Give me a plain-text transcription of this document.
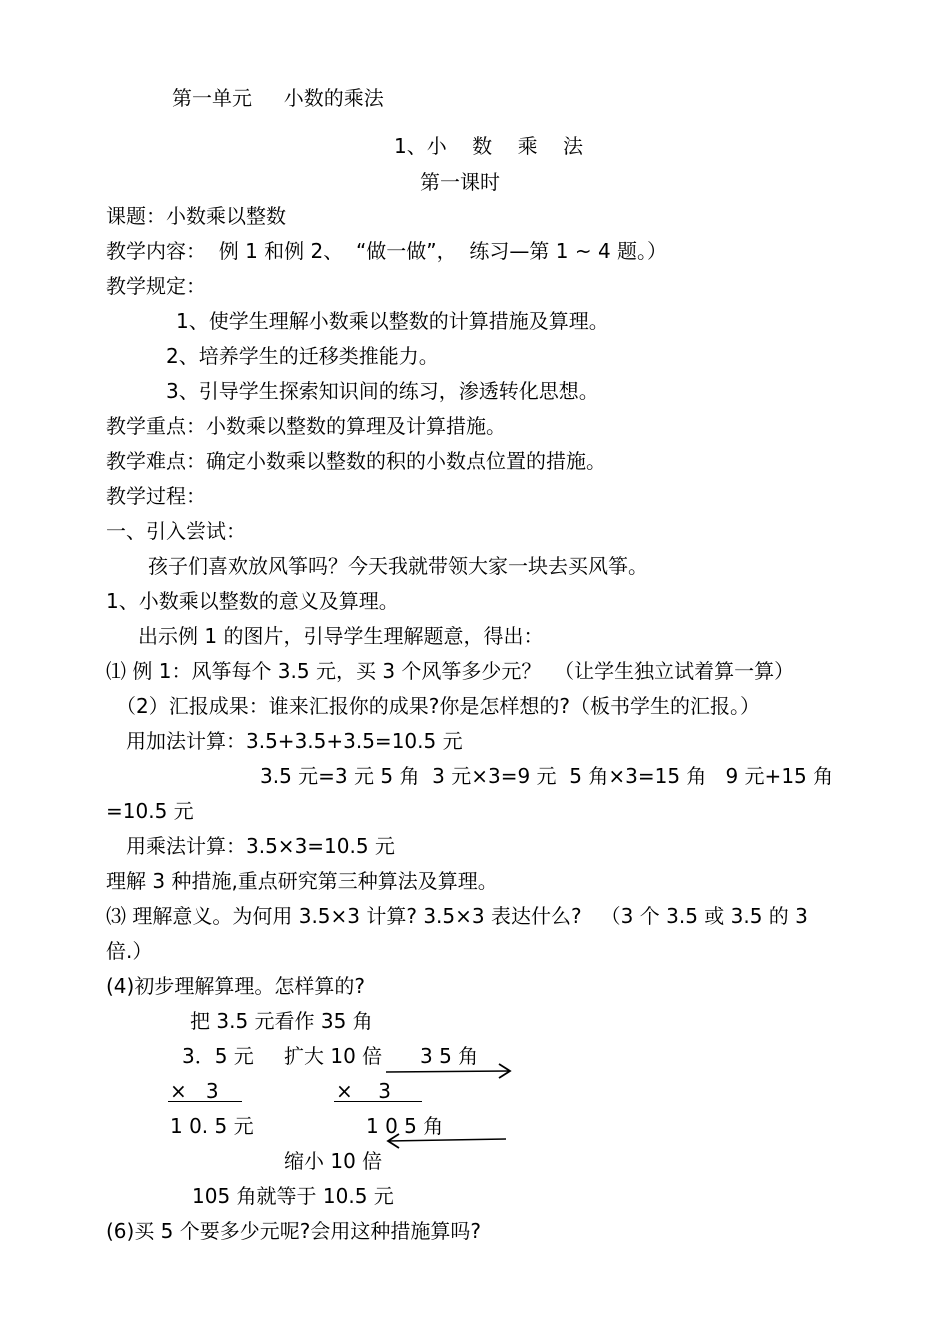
第一单元     小数的乘法
1、小    数    乘    法
第一课时
课题：小数乘以整数
教学内容：  例 1 和例 2、  “做一做”，  练习—第 1 ~ 4 题。）
教学规定：
1、使学生理解小数乘以整数的计算措施及算理。
2、培养学生的迁移类推能力。
3、引导学生探索知识间的练习，渗透转化思想。
教学重点：小数乘以整数的算理及计算措施。
教学难点：确定小数乘以整数的积的小数点位置的措施。
教学过程：
一、引入尝试：
孩子们喜欢放风筝吗？今天我就带领大家一块去买风筝。
1、小数乘以整数的意义及算理。
出示例 1 的图片，引导学生理解题意，得出：
⑴ 例 1：风筝每个 3.5 元，买 3 个风筝多少元？  （让学生独立试着算一算）
（2）汇报成果：谁来汇报你的成果?你是怎样想的?（板书学生的汇报。）
用加法计算：3.5+3.5+3.5=10.5 元
3.5 元=3 元 5 角  3 元×3=9 元  5 角×3=15 角   9 元+15 角
=10.5 元
用乘法计算：3.5×3=10.5 元
理解 3 种措施,重点研究第三种算法及算理。
⑶ 理解意义。为何用 3.5×3 计算? 3.5×3 表达什么?   （3 个 3.5 或 3.5 的 3
倍.）
(4)初步理解算理。怎样算的?
把 3.5 元看作 35 角
3．5 元 扩大 10 倍 3 5 角
×   3	×    3
1 0. 5 元	1 0 5 角
缩小 10 倍
105 角就等于 10.5 元
(6)买 5 个要多少元呢?会用这种措施算吗?
